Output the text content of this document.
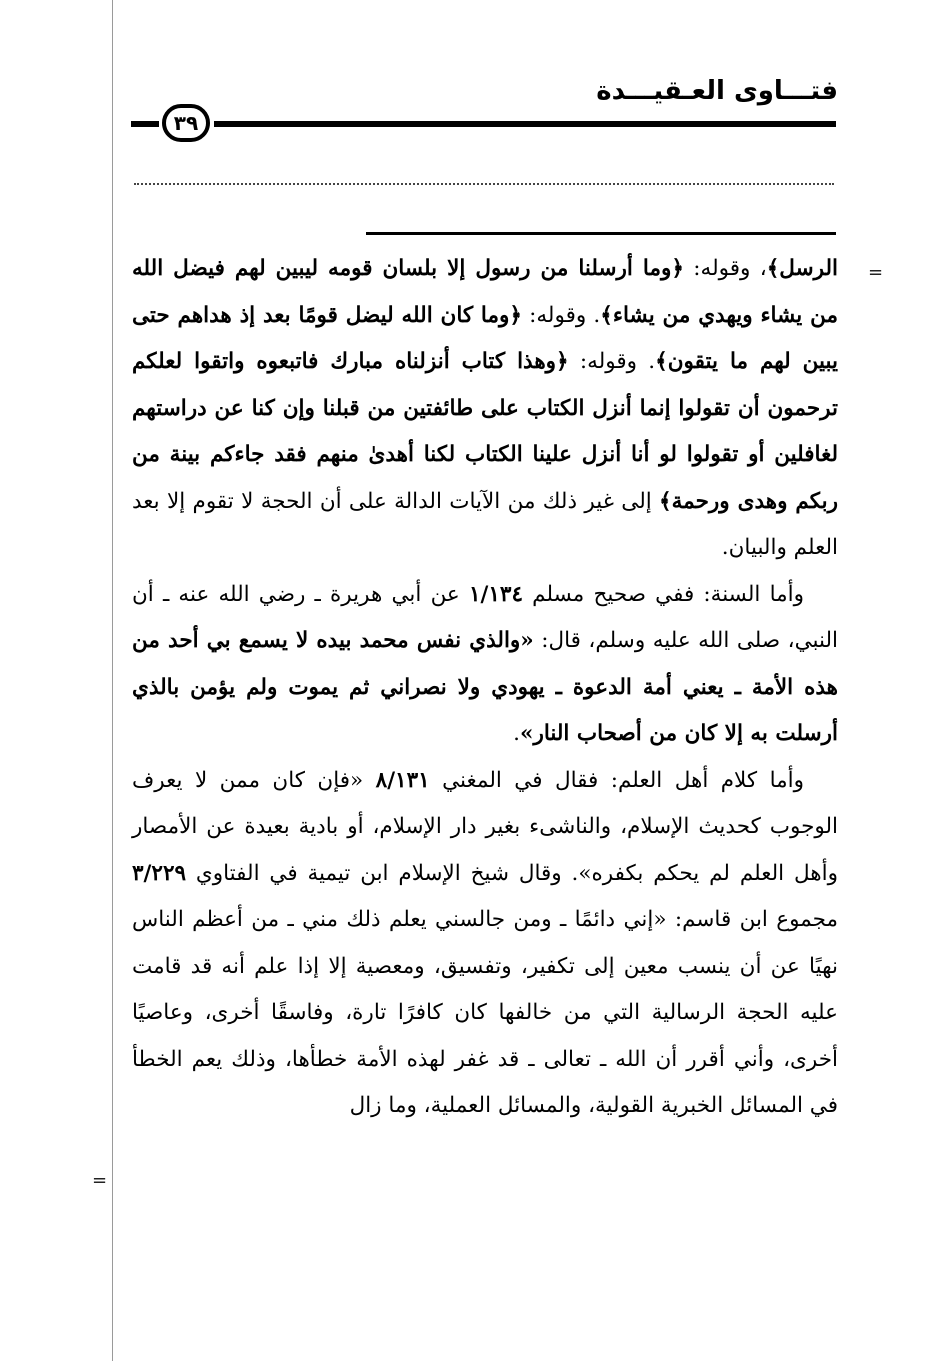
فتـــاوى العـقيـــدة
٣٩
=
=

الرسل﴾، وقوله: ﴿وما أرسلنا من رسول إلا بلسان قومه ليبين لهم فيضل الله من يشاء ويهدي من يشاء﴾. وقوله: ﴿وما كان الله ليضل قومًا بعد إذ هداهم حتى يبين لهم ما يتقون﴾. وقوله: ﴿وهذا كتاب أنزلناه مبارك فاتبعوه واتقوا لعلكم ترحمون أن تقولوا إنما أنزل الكتاب على طائفتين من قبلنا وإن كنا عن دراستهم لغافلين أو تقولوا لو أنا أنزل علينا الكتاب لكنا أهدىٰ منهم فقد جاءكم بينة من ربكم وهدى ورحمة﴾ إلى غير ذلك من الآيات الدالة على أن الحجة لا تقوم إلا بعد العلم والبيان.

وأما السنة: ففي صحيح مسلم ١/١٣٤ عن أبي هريرة ـ رضي الله عنه ـ أن النبي، صلى الله عليه وسلم، قال: «والذي نفس محمد بيده لا يسمع بي أحد من هذه الأمة ـ يعني أمة الدعوة ـ يهودي ولا نصراني ثم يموت ولم يؤمن بالذي أرسلت به إلا كان من أصحاب النار».

وأما كلام أهل العلم: فقال في المغني ٨/١٣١ «فإن كان ممن لا يعرف الوجوب كحديث الإسلام، والناشىء بغير دار الإسلام، أو بادية بعيدة عن الأمصار وأهل العلم لم يحكم بكفره». وقال شيخ الإسلام ابن تيمية في الفتاوي ٣/٢٢٩ مجموع ابن قاسم: «إني دائمًا ـ ومن جالسني يعلم ذلك مني ـ من أعظم الناس نهيًا عن أن ينسب معين إلى تكفير، وتفسيق، ومعصية إلا إذا علم أنه قد قامت عليه الحجة الرسالية التي من خالفها كان كافرًا تارة، وفاسقًا أخرى، وعاصيًا أخرى، وأني أقرر أن الله ـ تعالى ـ قد غفر لهذه الأمة خطأها، وذلك يعم الخطأ في المسائل الخبرية القولية، والمسائل العملية، وما زال
